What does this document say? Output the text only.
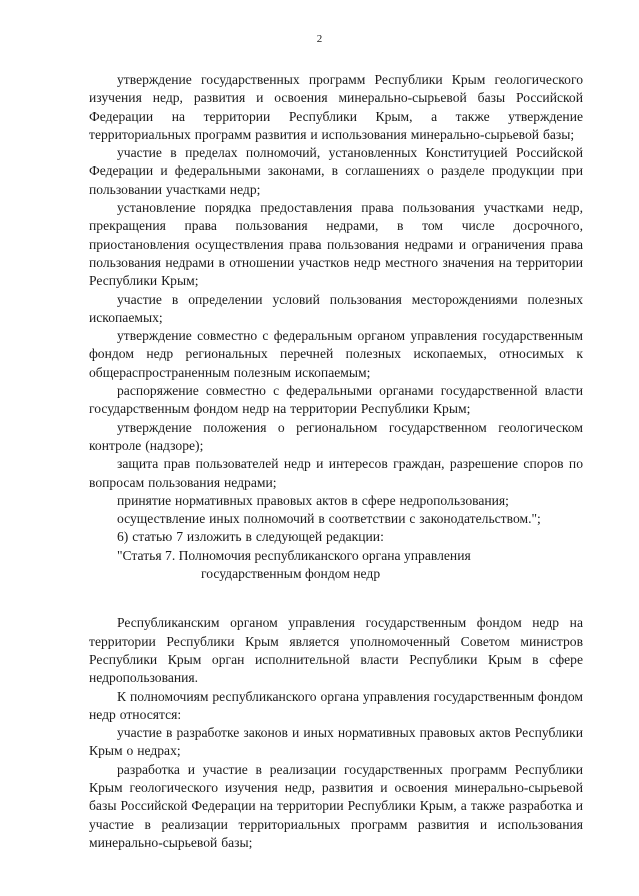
2

утверждение государственных программ Республики Крым геологического изучения недр, развития и освоения минерально-сырьевой базы Российской Федерации на территории Республики Крым, а также утверждение территориальных программ развития и использования минерально-сырьевой базы;

участие в пределах полномочий, установленных Конституцией Российской Федерации и федеральными законами, в соглашениях о разделе продукции при пользовании участками недр;

установление порядка предоставления права пользования участками недр, прекращения права пользования недрами, в том числе досрочного, приостановления осуществления права пользования недрами и ограничения права пользования недрами в отношении участков недр местного значения на территории Республики Крым;

участие в определении условий пользования месторождениями полезных ископаемых;

утверждение совместно с федеральным органом управления государственным фондом недр региональных перечней полезных ископаемых, относимых к общераспространенным полезным ископаемым;

распоряжение совместно с федеральными органами государственной власти государственным фондом недр на территории Республики Крым;

утверждение положения о региональном государственном геологическом контроле (надзоре);

защита прав пользователей недр и интересов граждан, разрешение споров по вопросам пользования недрами;

принятие нормативных правовых актов в сфере недропользования;

осуществление иных полномочий в соответствии с законодательством.";

6) статью 7 изложить в следующей редакции:

"Статья 7. Полномочия республиканского органа управления
государственным фондом недр

Республиканским органом управления государственным фондом недр на территории Республики Крым является уполномоченный Советом министров Республики Крым орган исполнительной власти Республики Крым в сфере недропользования.

К полномочиям республиканского органа управления государственным фондом недр относятся:

участие в разработке законов и иных нормативных правовых актов Республики Крым о недрах;

разработка и участие в реализации государственных программ Республики Крым геологического изучения недр, развития и освоения минерально-сырьевой базы Российской Федерации на территории Республики Крым, а также разработка и участие в реализации территориальных программ развития и использования минерально-сырьевой базы;
